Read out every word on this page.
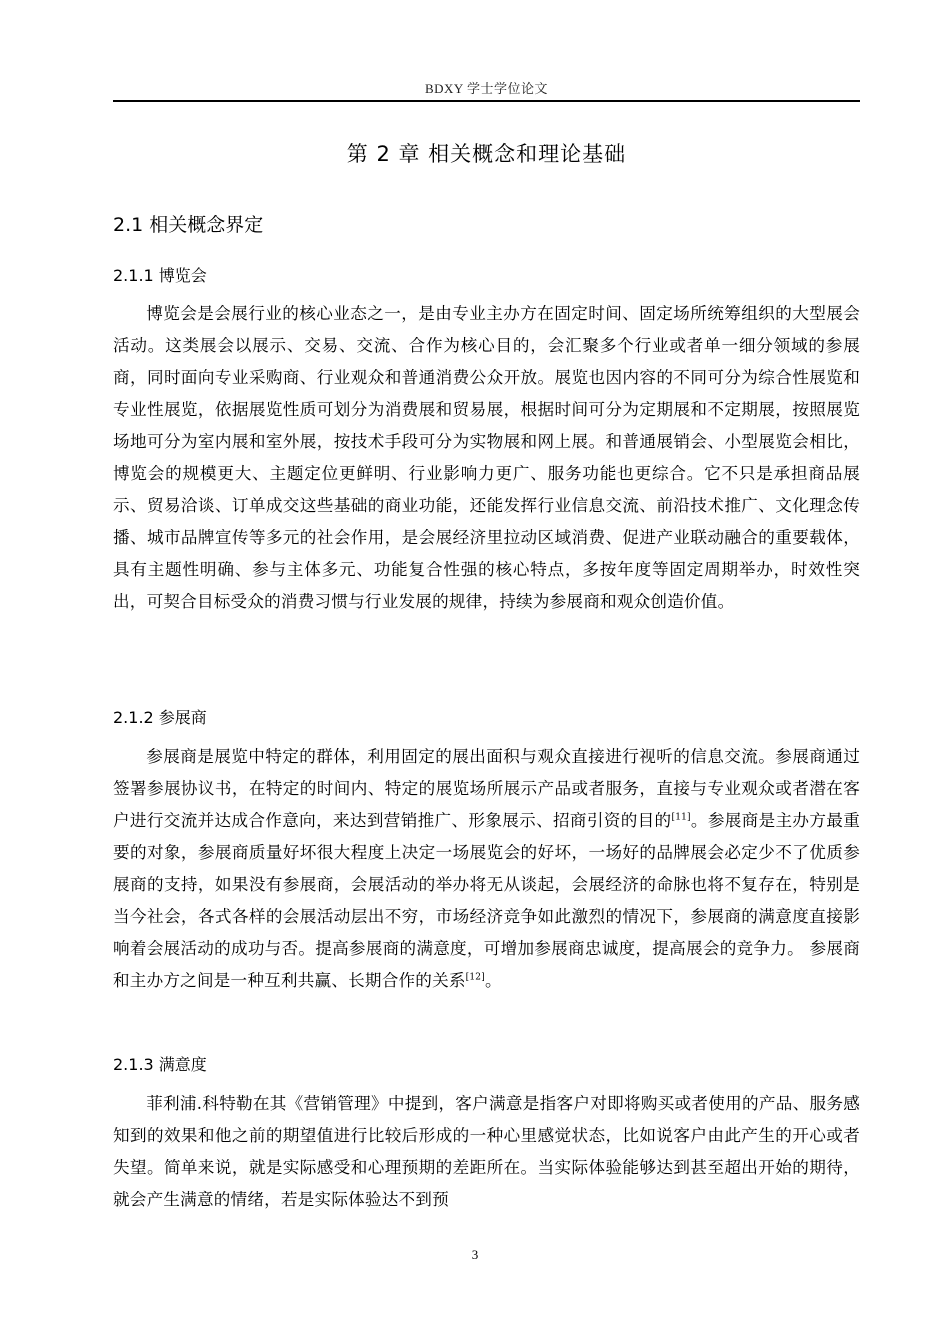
BDXY 学士学位论文
第 2 章 相关概念和理论基础
2.1 相关概念界定
2.1.1 博览会

博览会是会展行业的核心业态之一，是由专业主办方在固定时间、固定场所统筹组织的大型展会活动。这类展会以展示、交易、交流、合作为核心目的，会汇聚多个行业或者单一细分领域的参展商，同时面向专业采购商、行业观众和普通消费公众开放。展览也因内容的不同可分为综合性展览和专业性展览，依据展览性质可划分为消费展和贸易展，根据时间可分为定期展和不定期展，按照展览场地可分为室内展和室外展，按技术手段可分为实物展和网上展。和普通展销会、小型展览会相比，博览会的规模更大、主题定位更鲜明、行业影响力更广、服务功能也更综合。它不只是承担商品展示、贸易洽谈、订单成交这些基础的商业功能，还能发挥行业信息交流、前沿技术推广、文化理念传播、城市品牌宣传等多元的社会作用，是会展经济里拉动区域消费、促进产业联动融合的重要载体，具有主题性明确、参与主体多元、功能复合性强的核心特点，多按年度等固定周期举办，时效性突出，可契合目标受众的消费习惯与行业发展的规律，持续为参展商和观众创造价值。

2.1.2 参展商

参展商是展览中特定的群体，利用固定的展出面积与观众直接进行视听的信息交流。参展商通过签署参展协议书，在特定的时间内、特定的展览场所展示产品或者服务，直接与专业观众或者潜在客户进行交流并达成合作意向，来达到营销推广、形象展示、招商引资的目的[11]。参展商是主办方最重要的对象，参展商质量好坏很大程度上决定一场展览会的好坏，一场好的品牌展会必定少不了优质参展商的支持，如果没有参展商，会展活动的举办将无从谈起，会展经济的命脉也将不复存在，特别是当今社会，各式各样的会展活动层出不穷，市场经济竞争如此激烈的情况下，参展商的满意度直接影响着会展活动的成功与否。提高参展商的满意度，可增加参展商忠诚度，提高展会的竞争力。 参展商和主办方之间是一种互利共赢、长期合作的关系[12]。

2.1.3 满意度

菲利浦.科特勒在其《营销管理》中提到，客户满意是指客户对即将购买或者使用的产品、服务感知到的效果和他之前的期望值进行比较后形成的一种心里感觉状态，比如说客户由此产生的开心或者失望。简单来说，就是实际感受和心理预期的差距所在。当实际体验能够达到甚至超出开始的期待，就会产生满意的情绪，若是实际体验达不到预

3
